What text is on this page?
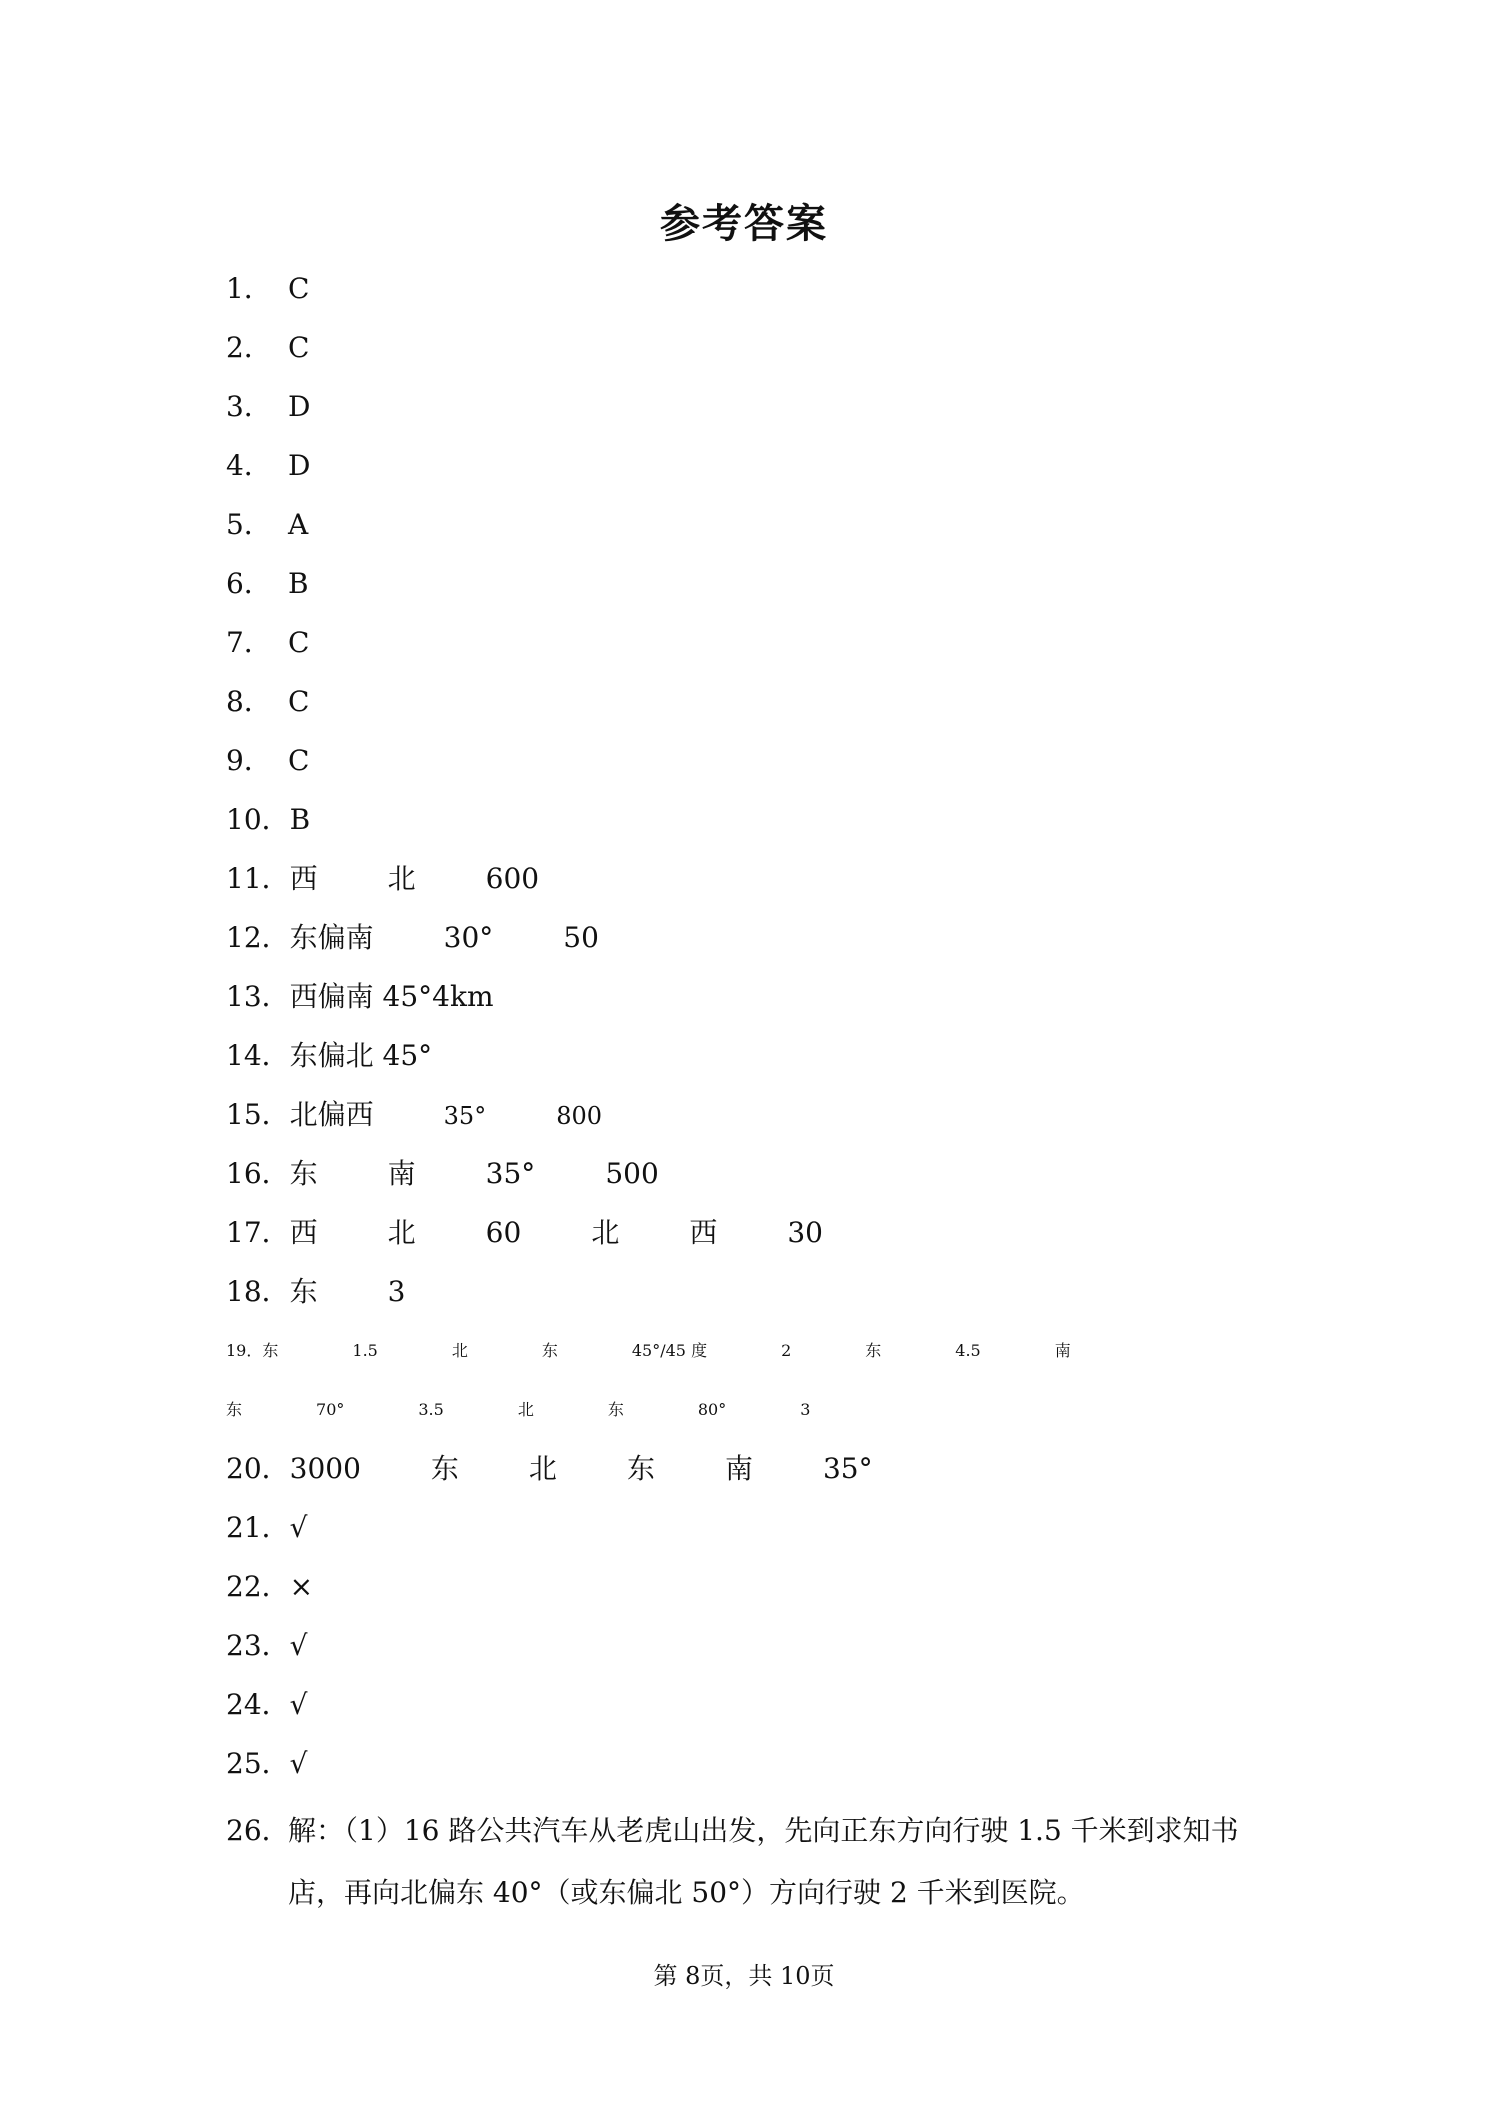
参考答案
1． C
2． C
3． D
4． D
5． A
6． B
7． C
8． C
9． C
10．B
11．西	北	600
12．东偏南	30°	50
13．西偏南 45°4km
14．东偏北 45°
15．北偏西	35°	800
16．东	南	35°	500
17．西	北	60	北	西	30
18．东	3
19．东	1.5	北	东	45°/45 度	2	东	4.5	南
东	70°	3.5	北	东	80°	3
20．3000	东	北	东	南	35°
21．√
22．×
23．√
24．√
25．√
26．
解：（1）16 路公共汽车从老虎山出发，先向正东方向行驶 1.5 千米到求知书店，再向北偏东 40°（或东偏北 50°）方向行驶 2 千米到医院。
第 8页，共 10页
